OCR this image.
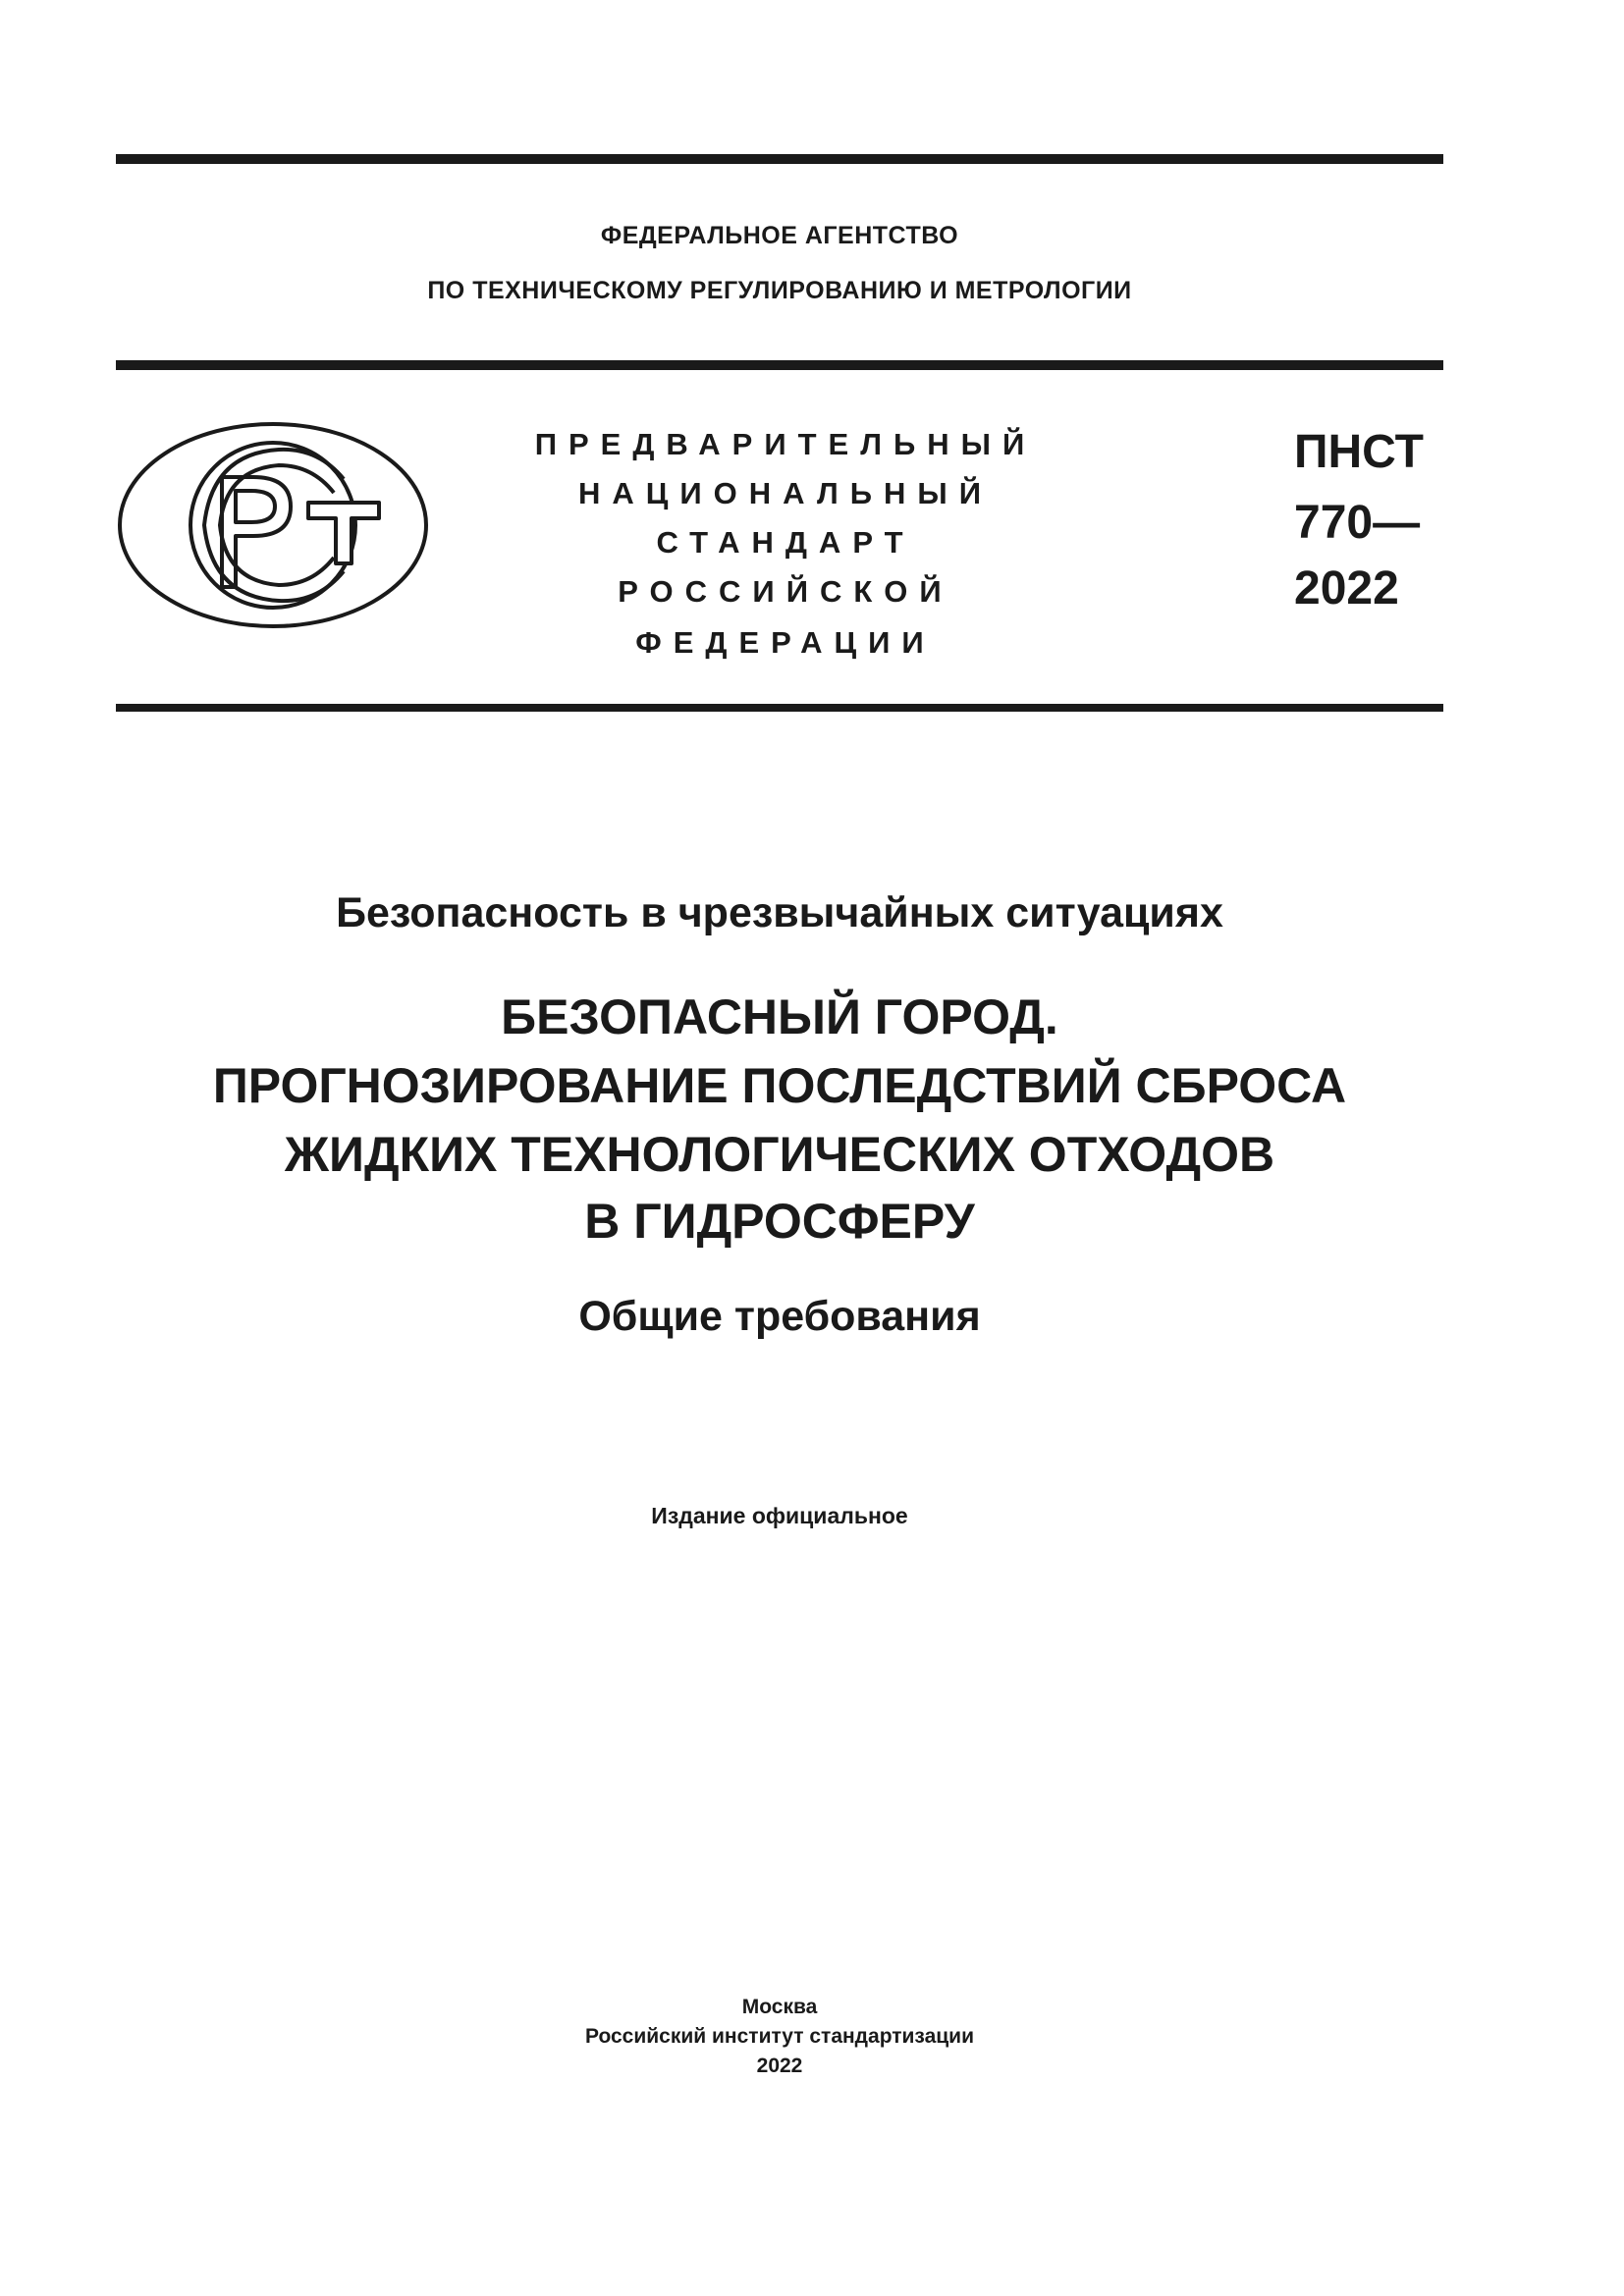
ФЕДЕРАЛЬНОЕ АГЕНТСТВО
ПО ТЕХНИЧЕСКОМУ РЕГУЛИРОВАНИЮ И МЕТРОЛОГИИ
ПРЕДВАРИТЕЛЬНЫЙ
НАЦИОНАЛЬНЫЙ
СТАНДАРТ
РОССИЙСКОЙ
ФЕДЕРАЦИИ
ПНСТ
770—
2022
Безопасность в чрезвычайных ситуациях
БЕЗОПАСНЫЙ ГОРОД.
ПРОГНОЗИРОВАНИЕ ПОСЛЕДСТВИЙ СБРОСА
ЖИДКИХ ТЕХНОЛОГИЧЕСКИХ ОТХОДОВ
В ГИДРОСФЕРУ
Общие требования
Издание официальное
Москва
Российский институт стандартизации
2022
